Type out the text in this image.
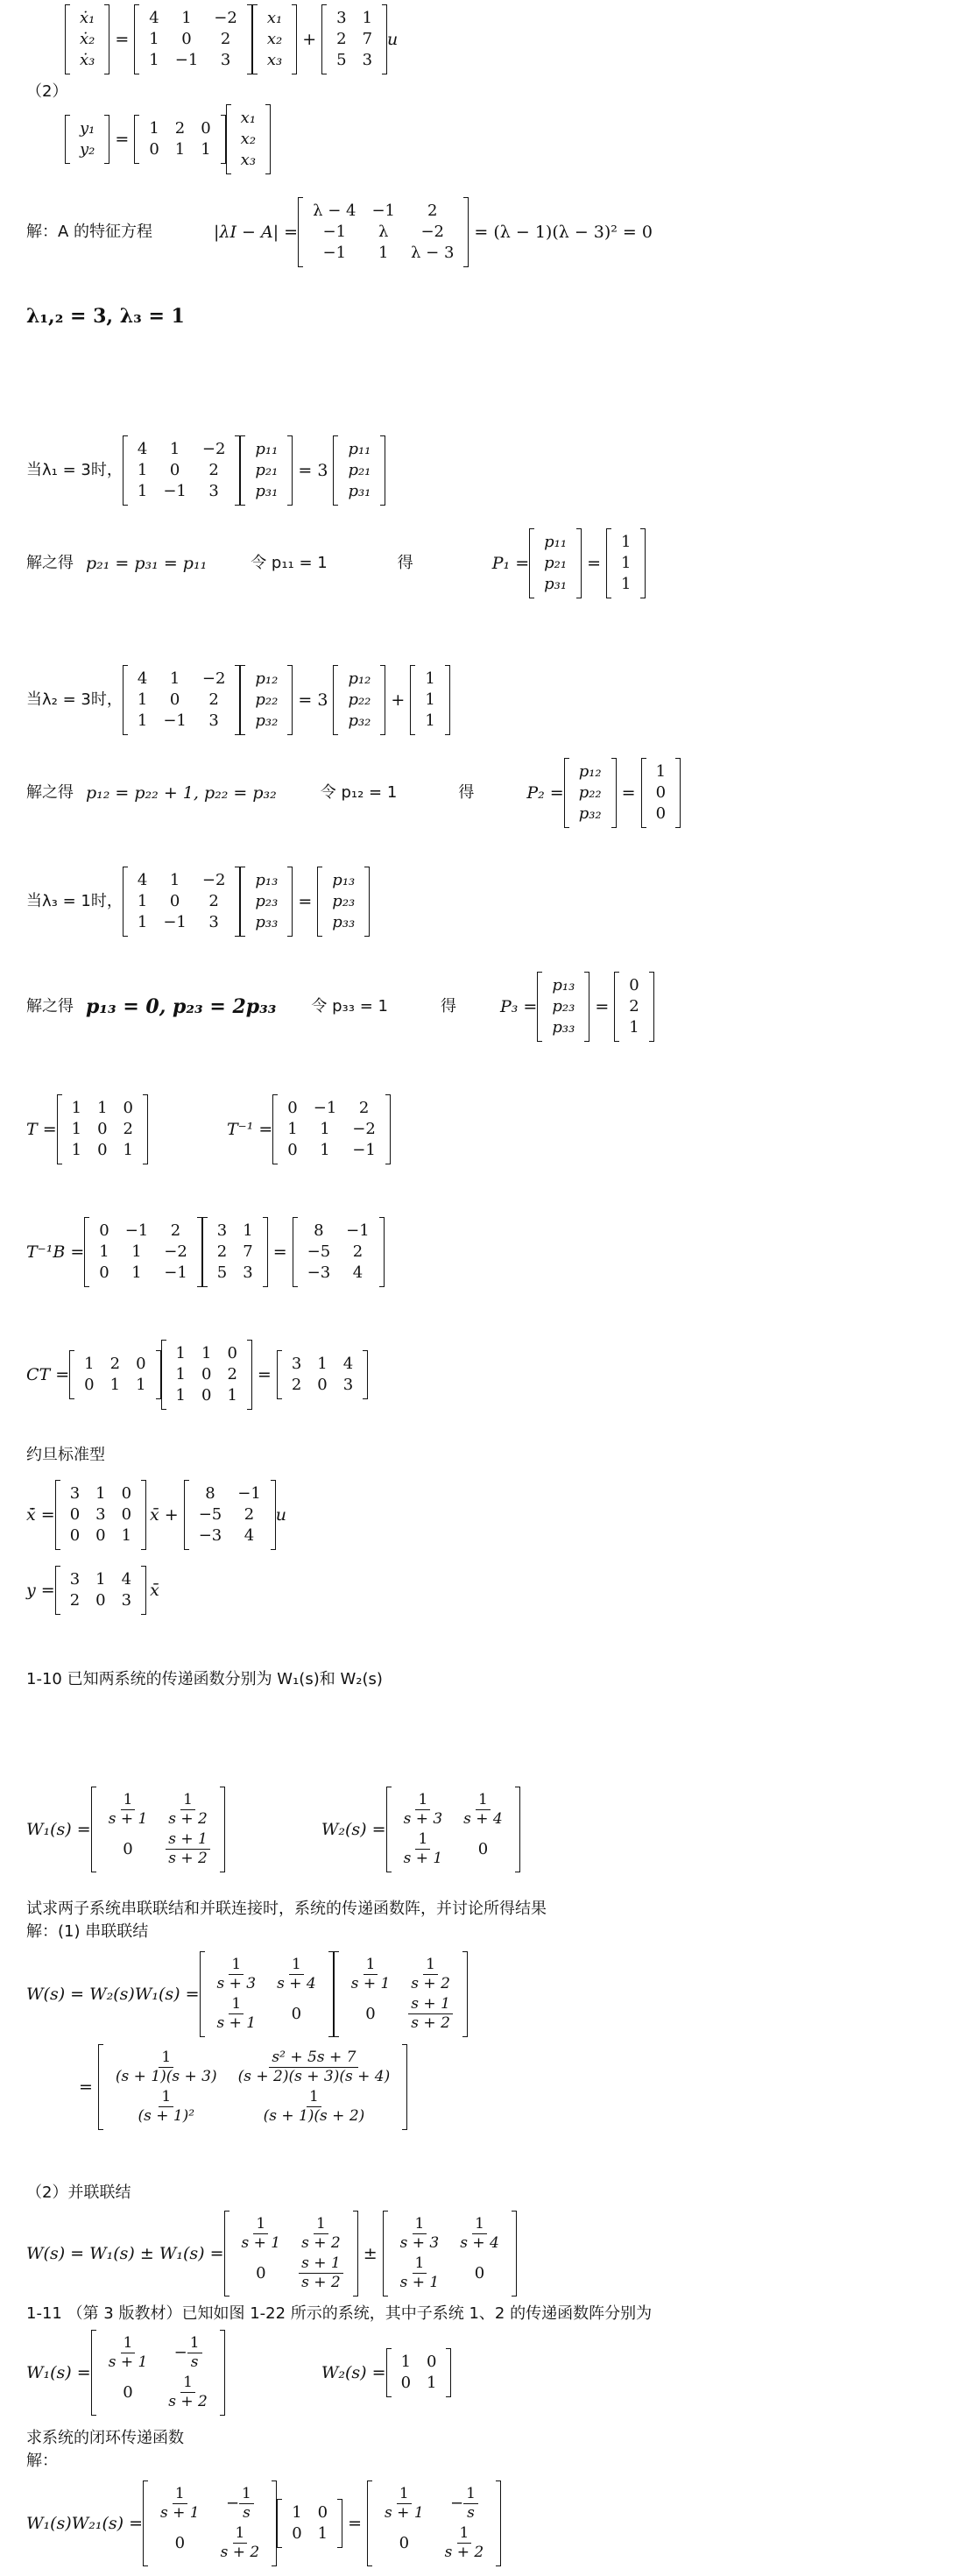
ẋ₁
ẋ₂
ẋ₃
=
4	1	−2
1	0	2
1	−1	3
x₁
x₂
x₃
+
3	1
2	7
5	3
u
（2）
y₁
y₂
=
1	2	0
0	1	1
x₁
x₂
x₃
解：A 的特征方程	|λI − A| =
λ − 4	−1	2
−1	λ	−2
−1	1	λ − 3
= (λ − 1)(λ − 3)² = 0
λ₁,₂ = 3, λ₃ = 1
当 λ₁ = 3时，
4	1	−2
1	0	2
1	−1	3
p₁₁
p₂₁
p₃₁
= 3
p₁₁
p₂₁
p₃₁
解之得 p₂₁ = p₃₁ = p₁₁	令 p₁₁ = 1	得	P₁ =
p₁₁
p₂₁
p₃₁
=
1
1
1
当 λ₂ = 3时，
4	1	−2
1	0	2
1	−1	3
p₁₂
p₂₂
p₃₂
= 3
p₁₂
p₂₂
p₃₂
+
1
1
1
解之得 p₁₂ = p₂₂ + 1, p₂₂ = p₃₂	令 p₁₂ = 1	得	P₂ =
p₁₂
p₂₂
p₃₂
=
1
0
0
当 λ₃ = 1时，
4	1	−2
1	0	2
1	−1	3
p₁₃
p₂₃
p₃₃
=
p₁₃
p₂₃
p₃₃
解之得 p₁₃ = 0, p₂₃ = 2p₃₃ 令 p₃₃ = 1	得	P₃ =
p₁₃
p₂₃
p₃₃
=
0
2
1
T =
1	1	0
1	0	2
1	0	1
T⁻¹ =
0	−1	2
1	1	−2
0	1	−1
T⁻¹B =
0	−1	2
1	1	−2
0	1	−1
3	1
2	7
5	3
=
8	−1
−5	2
−3	4
CT =
1	2	0
0	1	1
1	1	0
1	0	2
1	0	1
=
3	1	4
2	0	3
约旦标准型
x̄̇ =
3	1	0
0	3	0
0	0	1
x̄ +
8	−1
−5	2
−3	4
u
y =
3	1	4
2	0	3
x̄
1-10 已知两系统的传递函数分别为 W₁(s)和 W₂(s)
W₁(s) =
$\frac{1}{s + 1}$	$\frac{1}{s + 2}$

0	$\frac{s + 1}{s + 2}$
W₂(s) =
$\frac{1}{s + 3}$	$\frac{1}{s + 4}$

$\frac{1}{s + 1}$	0
试求两子系统串联联结和并联连接时，系统的传递函数阵，并讨论所得结果
解：(1) 串联联结
W(s) = W₂(s)W₁(s) =
$\frac{1}{s + 3}$	$\frac{1}{s + 4}$

$\frac{1}{s + 1}$	0
$\frac{1}{s + 1}$	$\frac{1}{s + 2}$

0	$\frac{s + 1}{s + 2}$
=
$\frac{1}{(s + 1)(s + 3)}$	$\frac{\text{s² + 5s + 7}}{(s + 2)(s + 3)(s + 4)}$

$\frac{1}{\text{(s + 1)²}}$	$\frac{1}{(s + 1)(s + 2)}$
（2）并联联结
W(s) = W₁(s) ± W₁(s) =
$\frac{1}{s + 1}$	$\frac{1}{s + 2}$

0	$\frac{s + 1}{s + 2}$
±
$\frac{1}{s + 3}$	$\frac{1}{s + 4}$

$\frac{1}{s + 1}$	0
1-11 （第 3 版教材）已知如图 1-22 所示的系统，其中子系统 1、2 的传递函数阵分别为
W₁(s) =
$\frac{1}{s + 1}$	− $\frac{1}{s}$

0	$\frac{1}{s + 2}$
W₂(s) =
1	0
0	1
求系统的闭环传递函数
解：
W₁(s)W₂₁(s) =
$\frac{1}{s + 1}$	− $\frac{1}{s}$

0	$\frac{1}{s + 2}$
1	0
0	1
=
$\frac{1}{s + 1}$	− $\frac{1}{s}$

0	$\frac{1}{s + 2}$
